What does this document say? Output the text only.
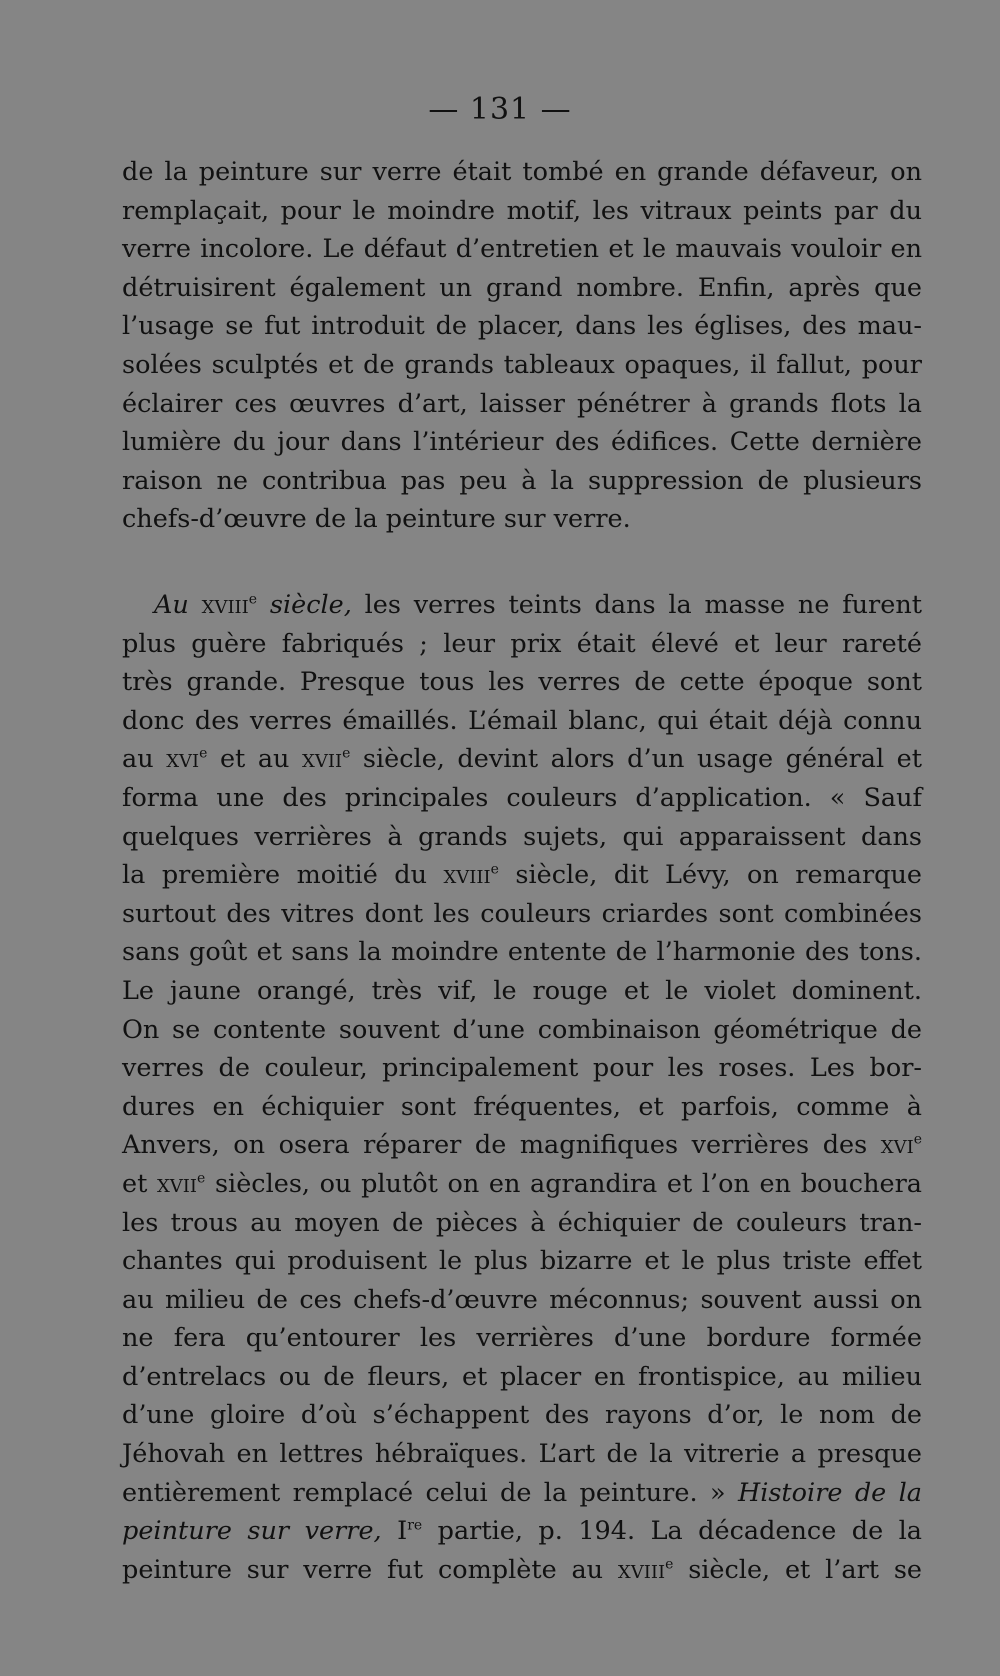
— 131 —
de la peinture sur verre était tombé en grande défaveur, on
remplaçait, pour le moindre motif, les vitraux peints par du
verre incolore. Le défaut d’entretien et le mauvais vouloir en
détruisirent également un grand nombre. Enfin, après que
l’usage se fut introduit de placer, dans les églises, des mau-
solées sculptés et de grands tableaux opaques, il fallut, pour
éclairer ces œuvres d’art, laisser pénétrer à grands flots la
lumière du jour dans l’intérieur des édifices. Cette dernière
raison ne contribua pas peu à la suppression de plusieurs
chefs-d’œuvre de la peinture sur verre.
Au xviii$^e$ siècle, les verres teints dans la masse ne furent
plus guère fabriqués ; leur prix était élevé et leur rareté
très grande. Presque tous les verres de cette époque sont
donc des verres émaillés. L’émail blanc, qui était déjà connu
au xvi$^e$ et au xvii$^e$ siècle, devint alors d’un usage général et
forma une des principales couleurs d’application. « Sauf
quelques verrières à grands sujets, qui apparaissent dans
la première moitié du xviii$^e$ siècle, dit Lévy, on remarque
surtout des vitres dont les couleurs criardes sont combinées
sans goût et sans la moindre entente de l’harmonie des tons.
Le jaune orangé, très vif, le rouge et le violet dominent.
On se contente souvent d’une combinaison géométrique de
verres de couleur, principalement pour les roses. Les bor-
dures en échiquier sont fréquentes, et parfois, comme à
Anvers, on osera réparer de magnifiques verrières des xvi$^e$
et xvii$^e$ siècles, ou plutôt on en agrandira et l’on en bouchera
les trous au moyen de pièces à échiquier de couleurs tran-
chantes qui produisent le plus bizarre et le plus triste effet
au milieu de ces chefs-d’œuvre méconnus; souvent aussi on
ne fera qu’entourer les verrières d’une bordure formée
d’entrelacs ou de fleurs, et placer en frontispice, au milieu
d’une gloire d’où s’échappent des rayons d’or, le nom de
Jéhovah en lettres hébraïques. L’art de la vitrerie a presque
entièrement remplacé celui de la peinture. » Histoire de la
peinture sur verre, Ire partie, p. 194. La décadence de la
peinture sur verre fut complète au xviii$^e$ siècle, et l’art se
